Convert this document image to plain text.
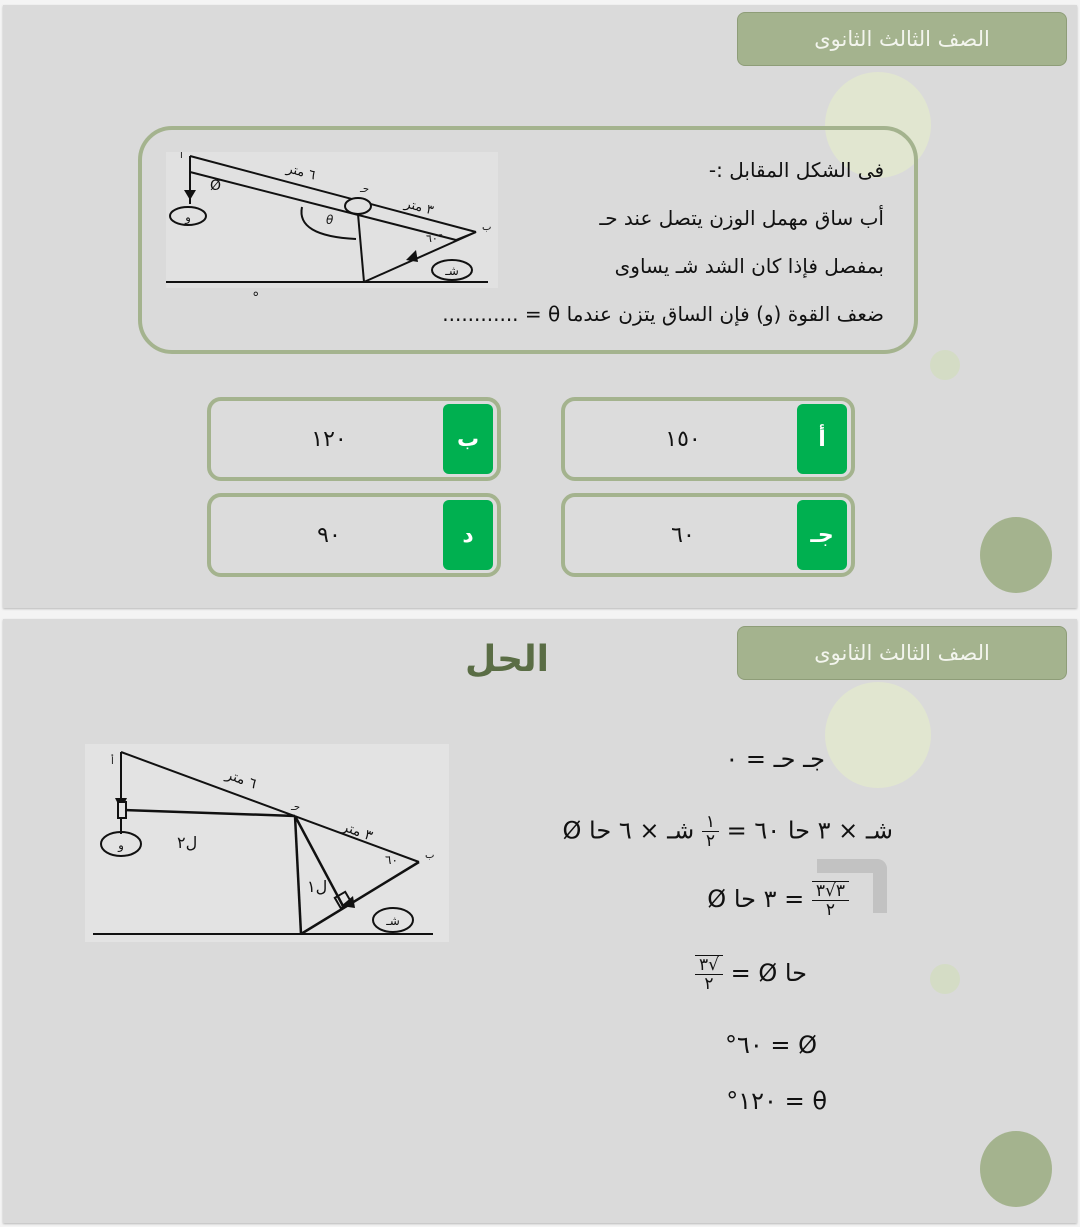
الصف الثالث الثانوى
و
Ø
θ
شـ
٦٠°
٦ متر
٣ متر
أ
حـ
ب
فى الشكل المقابل :-
أب ساق مهمل الوزن يتصل عند حـ
بمفصل فإذا كان الشد شـ يساوى
ضعف القوة (و) فإن الساق يتزن عندما θ = ............
°
١٥٠	أ
١٢٠	ب
٦٠	جـ
٩٠	د
الصف الثالث الثانوى
الحل
و	ل٢
شـ
ل١
٦٠
٦ متر
٣ متر
أ
حـ
ب
جـ حـ = ٠
شـ × ٣ حا ٦٠ =
$\frac{١}{٢}$
شـ × ٦ حا Ø
$\frac{٣√٣}{٢}$
= ٣ حا Ø
حا Ø =
$\frac{√٣}{٢}$
Ø = ٦٠°
θ = ١٢٠°
